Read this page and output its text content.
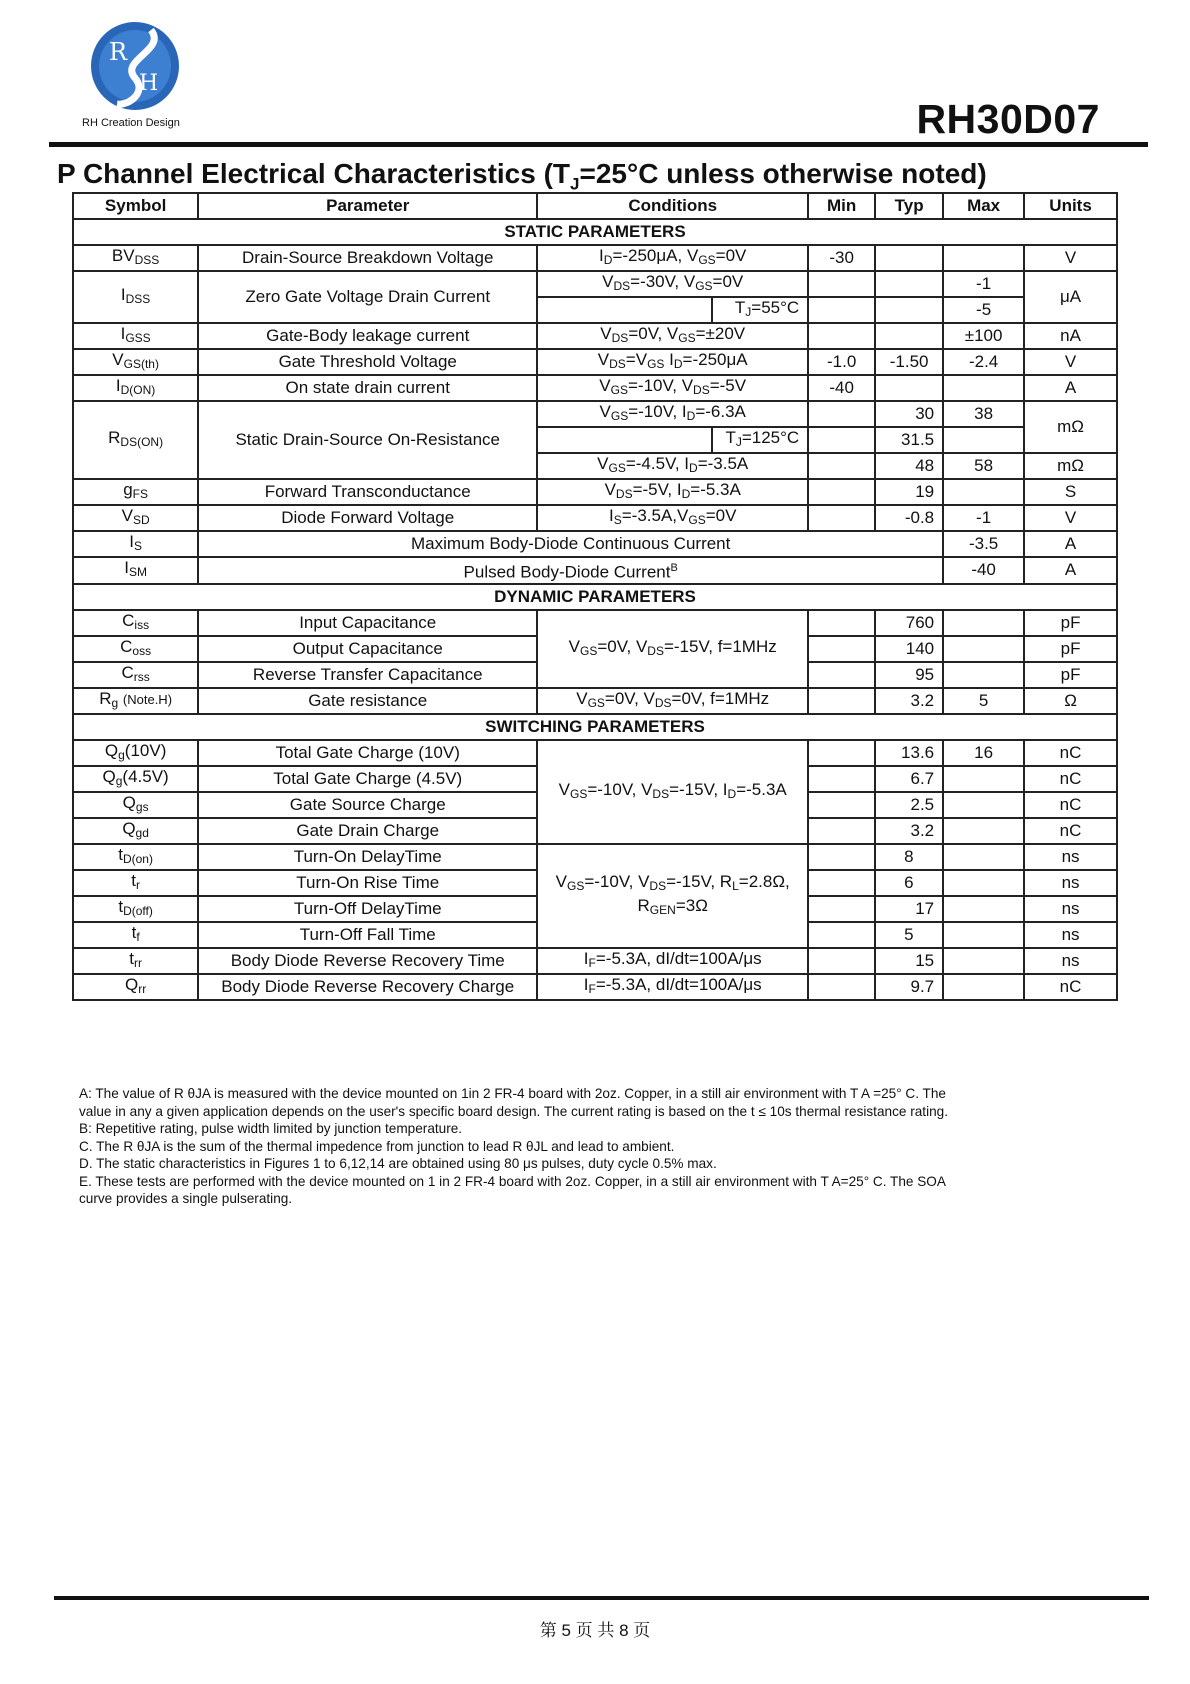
R
H
RH Creation Design	RH30D07
P Channel Electrical Characteristics ($T_J=25^\circ C$ unless otherwise noted)
Symbol	Parameter	Conditions		Min	Typ	Max	Units
STATIC PARAMETERS							
$BV_{DSS}$	Drain-Source Breakdown Voltage	$I_D=-250\mu A$, $V_{GS}=0V$		-30			V
$I_{DSS}$	Zero Gate Voltage Drain Current	$V_{DS}=-30V$, $V_{GS}=0V$				-1	μA
			$T_J=55^\circ C$			-5	
$I_{GSS}$	Gate-Body leakage current	$V_{DS}=0V$, $V_{GS}=\pm 20V$				±100	nA
$V_{GS(th)}$	Gate Threshold Voltage	$V_{DS}=V_{GS}$ $I_D=-250\mu A$		-1.0	-1.50	-2.4	V
$I_{D(ON)}$	On state drain current	$V_{GS}=-10V$, $V_{DS}=-5V$		-40			A
$R_{DS(ON)}$	Static Drain-Source On-Resistance	$V_{GS}=-10V$, $I_D=-6.3A$			30	38	mΩ
			$T_J=125^\circ C$		31.5		
		$V_{GS}=-4.5V$, $I_D=-3.5A$			48	58	mΩ
$g_{FS}$	Forward Transconductance	$V_{DS}=-5V$, $I_D=-5.3A$			19		S
$V_{SD}$	Diode Forward Voltage	$I_S=-3.5A,V_{GS}=0V$			-0.8	-1	V
$I_S$	Maximum Body-Diode Continuous Current					-3.5	A
$I_{SM}$	Pulsed Body-Diode Current$^B$					-40	A
DYNAMIC PARAMETERS							
$C_{iss}$	Input Capacitance	$V_{GS}=0V$, $V_{DS}=-15V$, f=1MHz			760		pF
$C_{oss}$	Output Capacitance				140		pF
$C_{rss}$	Reverse Transfer Capacitance				95		pF
$R_g$ (Note.H)	Gate resistance	$V_{GS}=0V$, $V_{DS}=0V$, f=1MHz			3.2	5	Ω
SWITCHING PARAMETERS							
$Q_g(10V)$	Total Gate Charge (10V)	$V_{GS}=-10V$, $V_{DS}=-15V$, $I_D=-5.3A$			13.6	16	nC
$Q_g(4.5V)$	Total Gate Charge (4.5V)				6.7		nC
$Q_{gs}$	Gate Source Charge				2.5		nC
$Q_{gd}$	Gate Drain Charge				3.2		nC
$t_{D(on)}$	Turn-On DelayTime	$V_{GS}=-10V$, $V_{DS}=-15V$, $R_L=2.8\Omega$,
$R_{GEN}=3\Omega$			8		ns
$t_r$	Turn-On Rise Time				6		ns
$t_{D(off)}$	Turn-Off DelayTime				17		ns
$t_f$	Turn-Off Fall Time				5		ns
$t_{rr}$	Body Diode Reverse Recovery Time	$I_F=-5.3A$, dI/dt=100A/μs			15		ns
$Q_{rr}$	Body Diode Reverse Recovery Charge	$I_F=-5.3A$, dI/dt=100A/μs			9.7		nC
A: The value of R θJA is measured with the device mounted on 1in 2 FR-4 board with 2oz. Copper, in a still air environment with T A =25° C. The
value in any a given application depends on the user's specific board design. The current rating is based on the t ≤ 10s thermal resistance rating.
B: Repetitive rating, pulse width limited by junction temperature.
C. The R θJA is the sum of the thermal impedence from junction to lead R θJL and lead to ambient.
D. The static characteristics in Figures 1 to 6,12,14 are obtained using 80 μs pulses, duty cycle 0.5% max.
E. These tests are performed with the device mounted on 1 in 2 FR-4 board with 2oz. Copper, in a still air environment with T A=25° C. The SOA
curve provides a single pulserating.
第 5 页 共 8 页
